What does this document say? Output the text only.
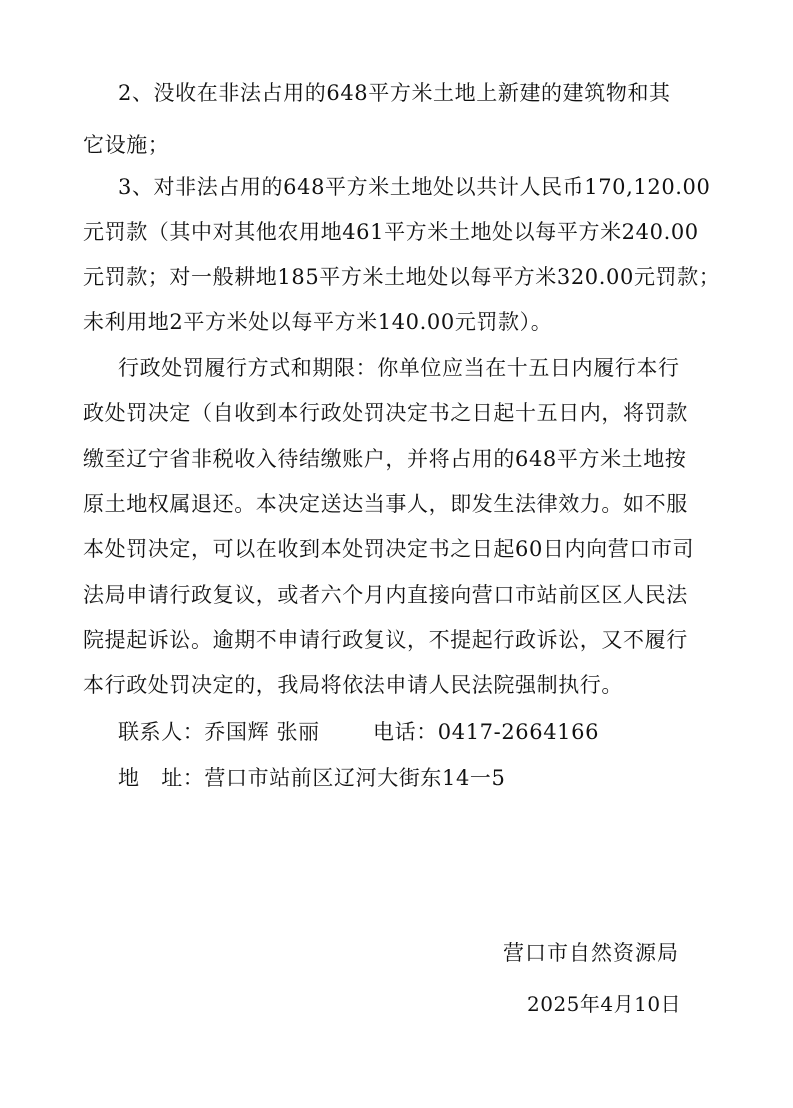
2、没收在非法占用的648平方米土地上新建的建筑物和其

它设施；

3、对非法占用的648平方米土地处以共计人民币170,120.00

元罚款（其中对其他农用地461平方米土地处以每平方米240.00

元罚款；对一般耕地185平方米土地处以每平方米320.00元罚款；

未利用地2平方米处以每平方米140.00元罚款）。

行政处罚履行方式和期限：你单位应当在十五日内履行本行

政处罚决定（自收到本行政处罚决定书之日起十五日内，将罚款

缴至辽宁省非税收入待结缴账户，并将占用的648平方米土地按

原土地权属退还。本决定送达当事人，即发生法律效力。如不服

本处罚决定，可以在收到本处罚决定书之日起60日内向营口市司

法局申请行政复议，或者六个月内直接向营口市站前区区人民法

院提起诉讼。逾期不申请行政复议，不提起行政诉讼，又不履行

本行政处罚决定的，我局将依法申请人民法院强制执行。

联系人：乔国辉 张丽	电话：0417-2664166

地　址：营口市站前区辽河大街东14一5

营口市自然资源局

2025年4月10日
